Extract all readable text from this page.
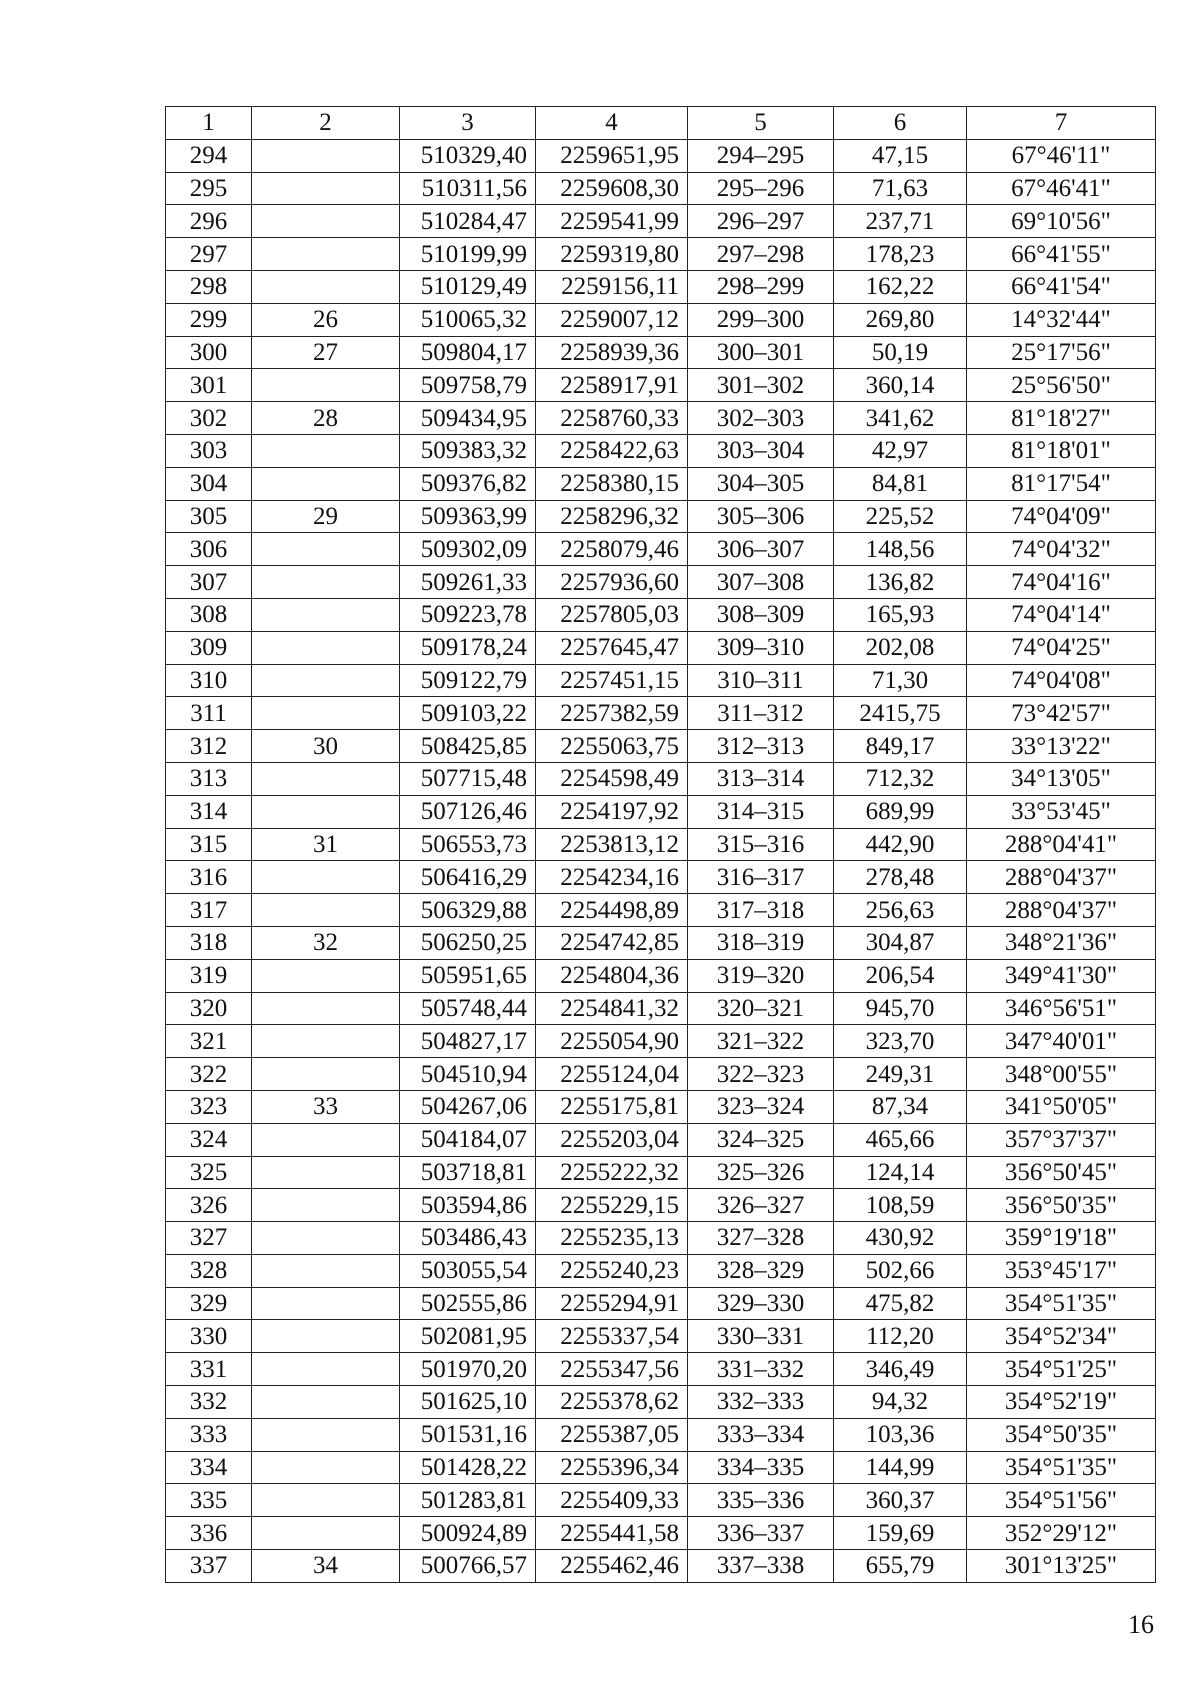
1	2	3	4	5	6	7
294		510329,40	2259651,95	294–295	47,15	67°46'11"
295		510311,56	2259608,30	295–296	71,63	67°46'41"
296		510284,47	2259541,99	296–297	237,71	69°10'56"
297		510199,99	2259319,80	297–298	178,23	66°41'55"
298		510129,49	2259156,11	298–299	162,22	66°41'54"
299	26	510065,32	2259007,12	299–300	269,80	14°32'44"
300	27	509804,17	2258939,36	300–301	50,19	25°17'56"
301		509758,79	2258917,91	301–302	360,14	25°56'50"
302	28	509434,95	2258760,33	302–303	341,62	81°18'27"
303		509383,32	2258422,63	303–304	42,97	81°18'01"
304		509376,82	2258380,15	304–305	84,81	81°17'54"
305	29	509363,99	2258296,32	305–306	225,52	74°04'09"
306		509302,09	2258079,46	306–307	148,56	74°04'32"
307		509261,33	2257936,60	307–308	136,82	74°04'16"
308		509223,78	2257805,03	308–309	165,93	74°04'14"
309		509178,24	2257645,47	309–310	202,08	74°04'25"
310		509122,79	2257451,15	310–311	71,30	74°04'08"
311		509103,22	2257382,59	311–312	2415,75	73°42'57"
312	30	508425,85	2255063,75	312–313	849,17	33°13'22"
313		507715,48	2254598,49	313–314	712,32	34°13'05"
314		507126,46	2254197,92	314–315	689,99	33°53'45"
315	31	506553,73	2253813,12	315–316	442,90	288°04'41"
316		506416,29	2254234,16	316–317	278,48	288°04'37"
317		506329,88	2254498,89	317–318	256,63	288°04'37"
318	32	506250,25	2254742,85	318–319	304,87	348°21'36"
319		505951,65	2254804,36	319–320	206,54	349°41'30"
320		505748,44	2254841,32	320–321	945,70	346°56'51"
321		504827,17	2255054,90	321–322	323,70	347°40'01"
322		504510,94	2255124,04	322–323	249,31	348°00'55"
323	33	504267,06	2255175,81	323–324	87,34	341°50'05"
324		504184,07	2255203,04	324–325	465,66	357°37'37"
325		503718,81	2255222,32	325–326	124,14	356°50'45"
326		503594,86	2255229,15	326–327	108,59	356°50'35"
327		503486,43	2255235,13	327–328	430,92	359°19'18"
328		503055,54	2255240,23	328–329	502,66	353°45'17"
329		502555,86	2255294,91	329–330	475,82	354°51'35"
330		502081,95	2255337,54	330–331	112,20	354°52'34"
331		501970,20	2255347,56	331–332	346,49	354°51'25"
332		501625,10	2255378,62	332–333	94,32	354°52'19"
333		501531,16	2255387,05	333–334	103,36	354°50'35"
334		501428,22	2255396,34	334–335	144,99	354°51'35"
335		501283,81	2255409,33	335–336	360,37	354°51'56"
336		500924,89	2255441,58	336–337	159,69	352°29'12"
337	34	500766,57	2255462,46	337–338	655,79	301°13'25"
16
